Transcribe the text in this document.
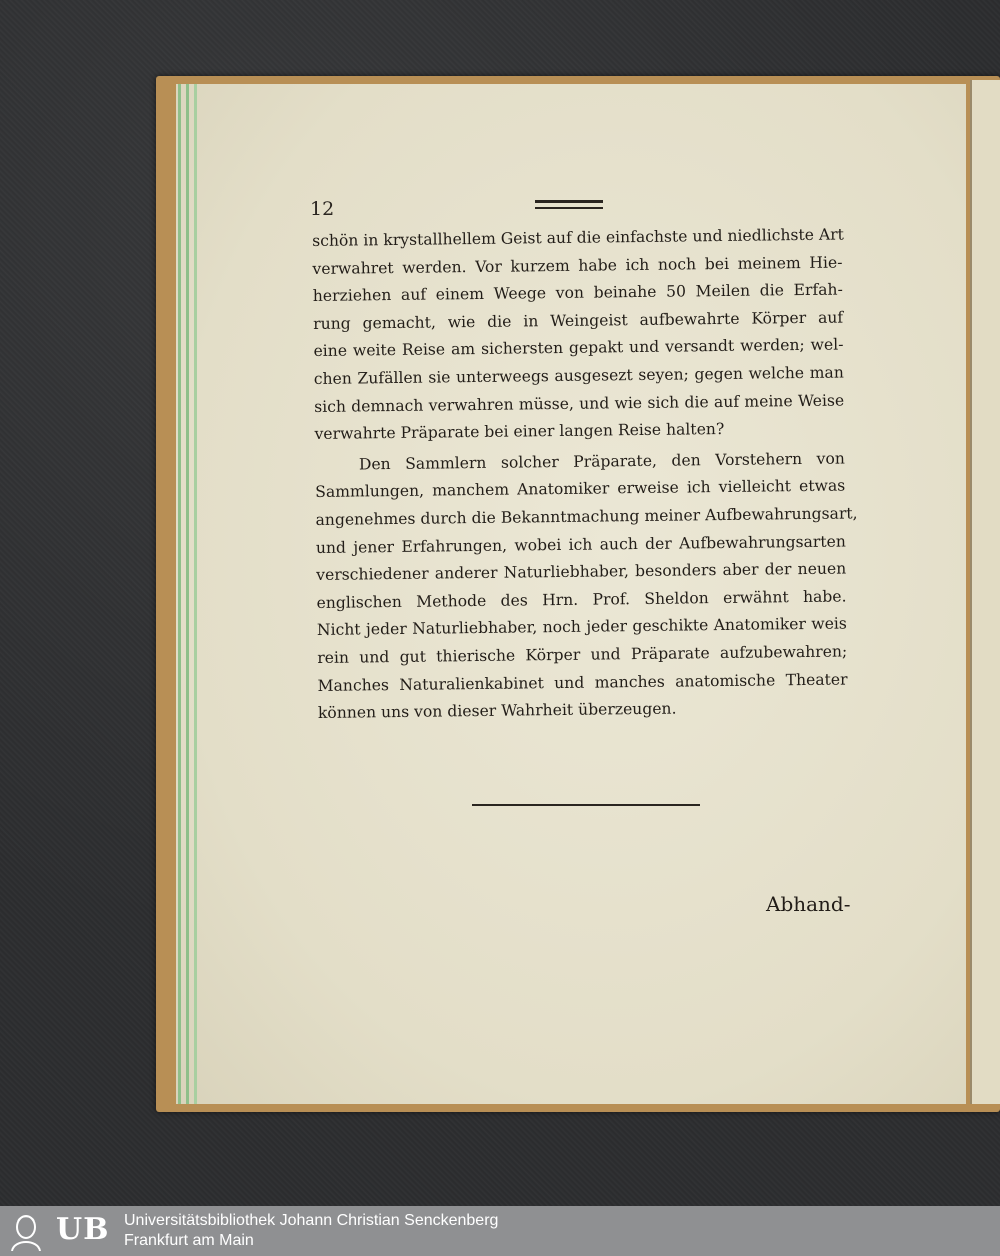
12
schön in krystallhellem Geist auf die einfachste und niedlichste Art
verwahret werden. Vor kurzem habe ich noch bei meinem Hie-
herziehen auf einem Weege von beinahe 50 Meilen die Erfah-
rung gemacht, wie die in Weingeist aufbewahrte Körper auf
eine weite Reise am sichersten gepakt und versandt werden; wel-
chen Zufällen sie unterweegs ausgesezt seyen; gegen welche man
sich demnach verwahren müsse, und wie sich die auf meine Weise
verwahrte Präparate bei einer langen Reise halten?
Den Sammlern solcher Präparate, den Vorstehern von
Sammlungen, manchem Anatomiker erweise ich vielleicht etwas
angenehmes durch die Bekanntmachung meiner Aufbewahrungsart,
und jener Erfahrungen, wobei ich auch der Aufbewahrungsarten
verschiedener anderer Naturliebhaber, besonders aber der neuen
englischen Methode des Hrn. Prof. Sheldon erwähnt habe.
Nicht jeder Naturliebhaber, noch jeder geschikte Anatomiker weis
rein und gut thierische Körper und Präparate aufzubewahren;
Manches Naturalienkabinet und manches anatomische Theater
können uns von dieser Wahrheit überzeugen.
Abhand-
UB Universitätsbibliothek Johann Christian Senckenberg
Frankfurt am Main
